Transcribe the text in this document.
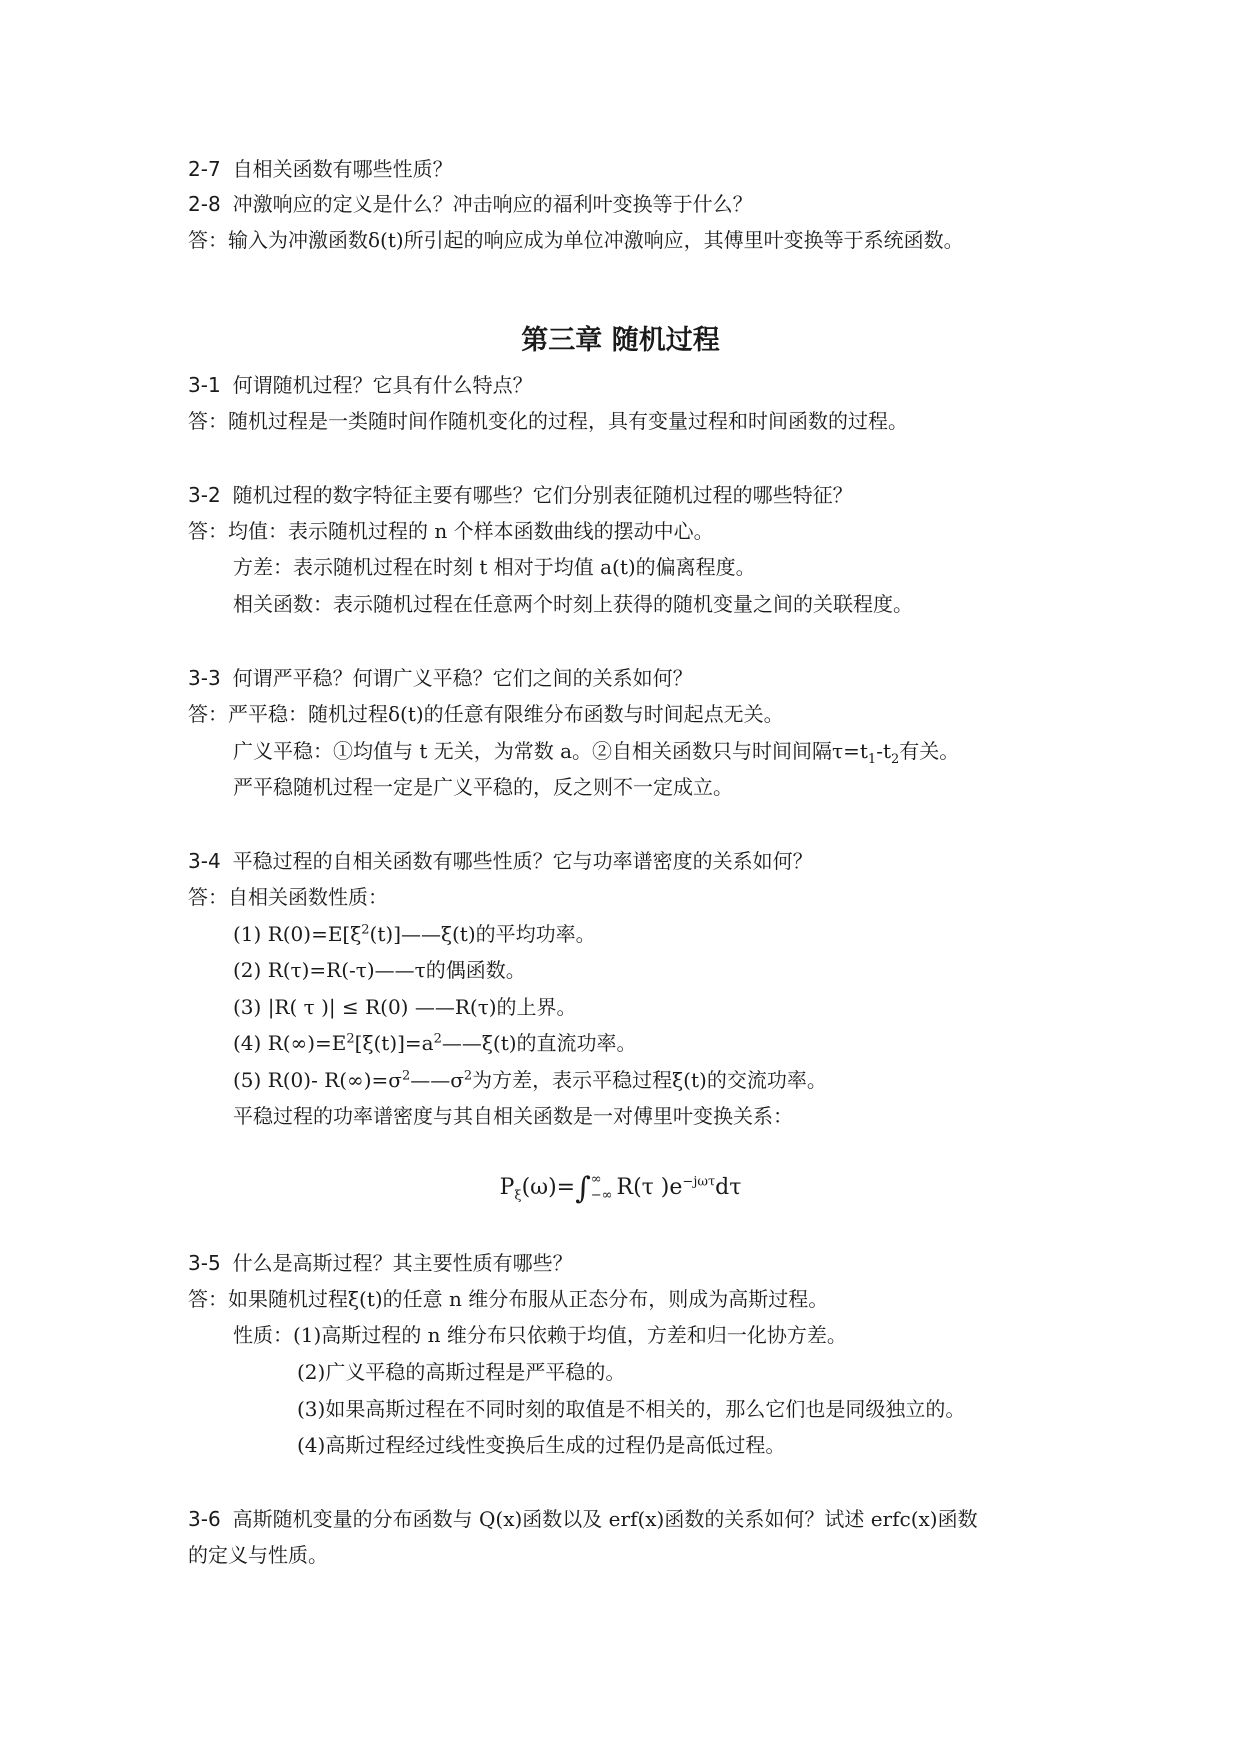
2-7 自相关函数有哪些性质？
2-8 冲激响应的定义是什么？冲击响应的福利叶变换等于什么？
答：输入为冲激函数δ(t)所引起的响应成为单位冲激响应，其傅里叶变换等于系统函数。
第三章 随机过程
3-1 何谓随机过程？它具有什么特点？
答：随机过程是一类随时间作随机变化的过程，具有变量过程和时间函数的过程。
3-2 随机过程的数字特征主要有哪些？它们分别表征随机过程的哪些特征？
答：均值：表示随机过程的 n 个样本函数曲线的摆动中心。
方差：表示随机过程在时刻 t 相对于均值 a(t)的偏离程度。
相关函数：表示随机过程在任意两个时刻上获得的随机变量之间的关联程度。
3-3 何谓严平稳？何谓广义平稳？它们之间的关系如何？
答：严平稳：随机过程δ(t)的任意有限维分布函数与时间起点无关。
广义平稳：①均值与 t 无关，为常数 a。②自相关函数只与时间间隔$\tau=t_1-t_2$有关。
严平稳随机过程一定是广义平稳的，反之则不一定成立。
3-4 平稳过程的自相关函数有哪些性质？它与功率谱密度的关系如何？
答：自相关函数性质：
(1) $R(0)=E[\xi^2(t)]——\xi(t)$的平均功率。
(2) R(τ)=R(-τ)——τ的偶函数。
(3) |R( τ )| ≤ R(0) ——R(τ)的上界。
(4) $R(\infty)=E^2[\xi(t)]=a^2——\xi(t)$的直流功率。
(5) R(0)- $R(\infty)=\sigma^2——\sigma^2$为方差，表示平稳过程ξ(t)的交流功率。
平稳过程的功率谱密度与其自相关函数是一对傅里叶变换关系：
$P_\xi(\omega)=\int\infty$
−∞ R(τ )$e^{-j\omega\tau}d\tau$
3-5 什么是高斯过程？其主要性质有哪些？
答：如果随机过程ξ(t)的任意 n 维分布服从正态分布，则成为高斯过程。
性质：(1)高斯过程的 n 维分布只依赖于均值，方差和归一化协方差。
(2)广义平稳的高斯过程是严平稳的。
(3)如果高斯过程在不同时刻的取值是不相关的，那么它们也是同级独立的。
(4)高斯过程经过线性变换后生成的过程仍是高低过程。
3-6 高斯随机变量的分布函数与 Q(x)函数以及 erf(x)函数的关系如何？试述 erfc(x)函数
的定义与性质。
